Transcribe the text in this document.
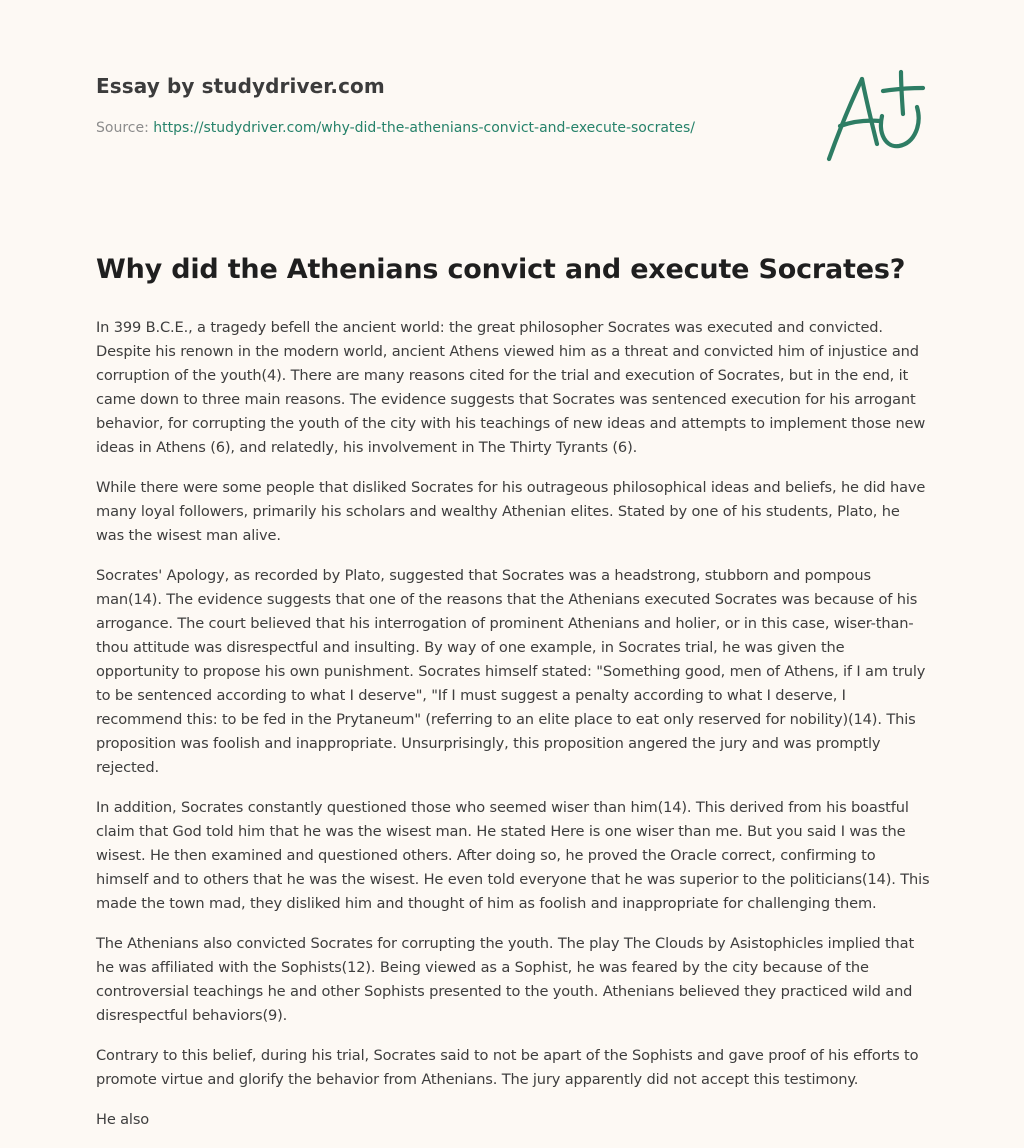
Essay by studydriver.com
Source: https://studydriver.com/why-did-the-athenians-convict-and-execute-socrates/
Why did the Athenians convict and execute Socrates?

In 399 B.C.E., a tragedy befell the ancient world: the great philosopher Socrates was executed and convicted. Despite his renown in the modern world, ancient Athens viewed him as a threat and convicted him of injustice and corruption of the youth(4). There are many reasons cited for the trial and execution of Socrates, but in the end, it came down to three main reasons. The evidence suggests that Socrates was sentenced execution for his arrogant behavior, for corrupting the youth of the city with his teachings of new ideas and attempts to implement those new ideas in Athens (6), and relatedly, his involvement in The Thirty Tyrants (6).

While there were some people that disliked Socrates for his outrageous philosophical ideas and beliefs, he did have many loyal followers, primarily his scholars and wealthy Athenian elites. Stated by one of his students, Plato, he was the wisest man alive.

Socrates' Apology, as recorded by Plato, suggested that Socrates was a headstrong, stubborn and pompous man(14). The evidence suggests that one of the reasons that the Athenians executed Socrates was because of his arrogance. The court believed that his interrogation of prominent Athenians and holier, or in this case, wiser-than-thou attitude was disrespectful and insulting. By way of one example, in Socrates trial, he was given the opportunity to propose his own punishment. Socrates himself stated: "Something good, men of Athens, if I am truly to be sentenced according to what I deserve", "If I must suggest a penalty according to what I deserve, I recommend this: to be fed in the Prytaneum" (referring to an elite place to eat only reserved for nobility)(14). This proposition was foolish and inappropriate. Unsurprisingly, this proposition angered the jury and was promptly rejected.

In addition, Socrates constantly questioned those who seemed wiser than him(14). This derived from his boastful claim that God told him that he was the wisest man. He stated Here is one wiser than me. But you said I was the wisest. He then examined and questioned others. After doing so, he proved the Oracle correct, confirming to himself and to others that he was the wisest. He even told everyone that he was superior to the politicians(14). This made the town mad, they disliked him and thought of him as foolish and inappropriate for challenging them.

The Athenians also convicted Socrates for corrupting the youth. The play The Clouds by Asistophicles implied that he was affiliated with the Sophists(12). Being viewed as a Sophist, he was feared by the city because of the controversial teachings he and other Sophists presented to the youth. Athenians believed they practiced wild and disrespectful behaviors(9).

Contrary to this belief, during his trial, Socrates said to not be apart of the Sophists and gave proof of his efforts to promote virtue and glorify the behavior from Athenians. The jury apparently did not accept this testimony.

He also
